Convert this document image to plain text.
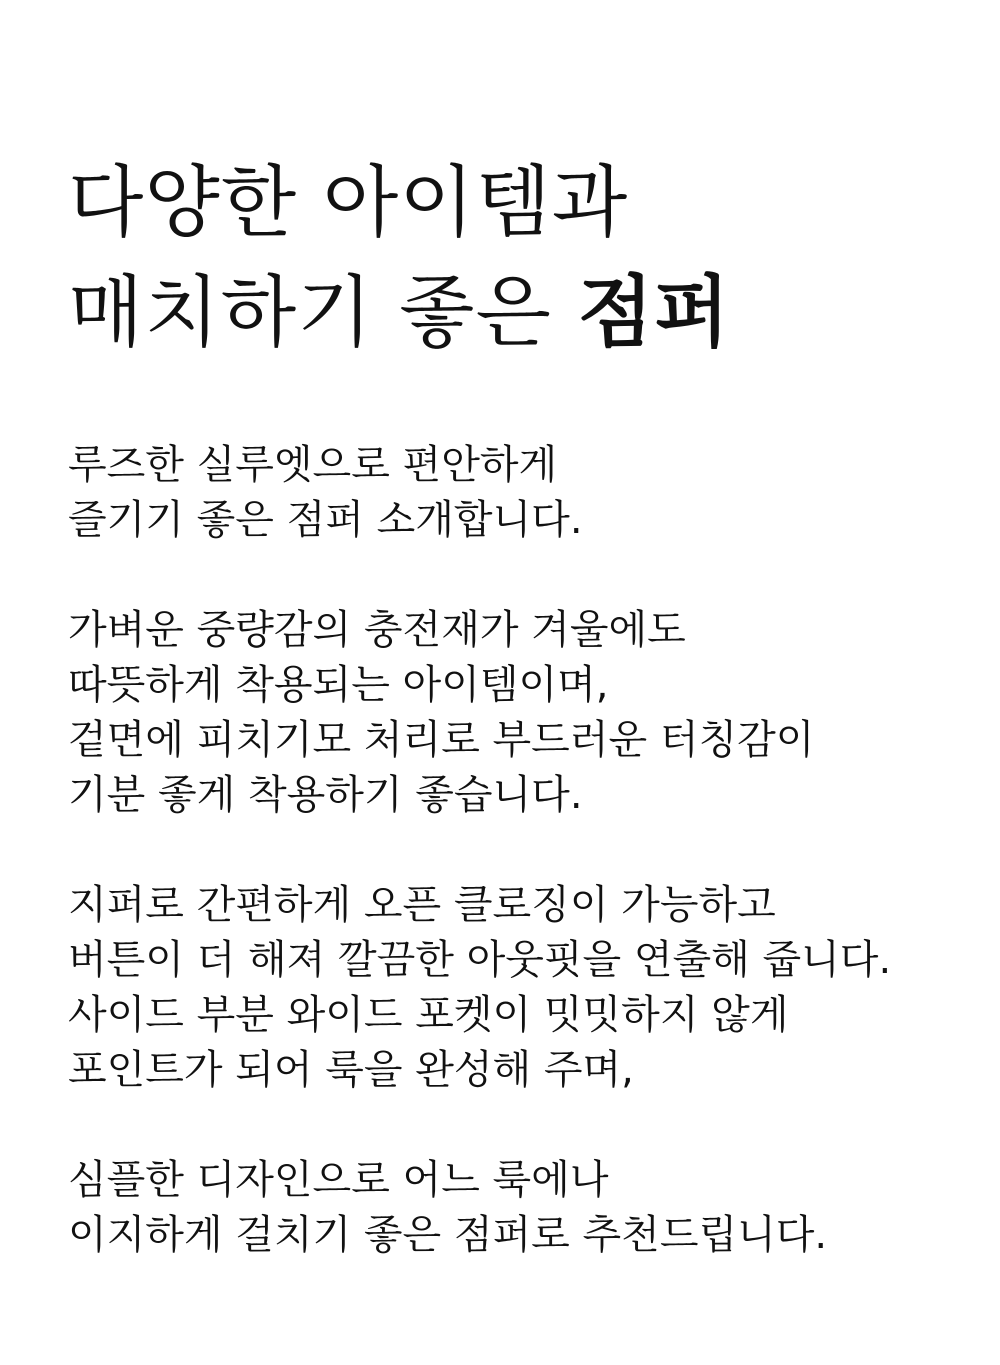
다양한 아이템과
매치하기 좋은 점퍼

루즈한 실루엣으로 편안하게
즐기기 좋은 점퍼 소개합니다.

가벼운 중량감의 충전재가 겨울에도
따뜻하게 착용되는 아이템이며,
겉면에 피치기모 처리로 부드러운 터칭감이
기분 좋게 착용하기 좋습니다.

지퍼로 간편하게 오픈 클로징이 가능하고
버튼이 더 해져 깔끔한 아웃핏을 연출해 줍니다.
사이드 부분 와이드 포켓이 밋밋하지 않게
포인트가 되어 룩을 완성해 주며,

심플한 디자인으로 어느 룩에나
이지하게 걸치기 좋은 점퍼로 추천드립니다.
